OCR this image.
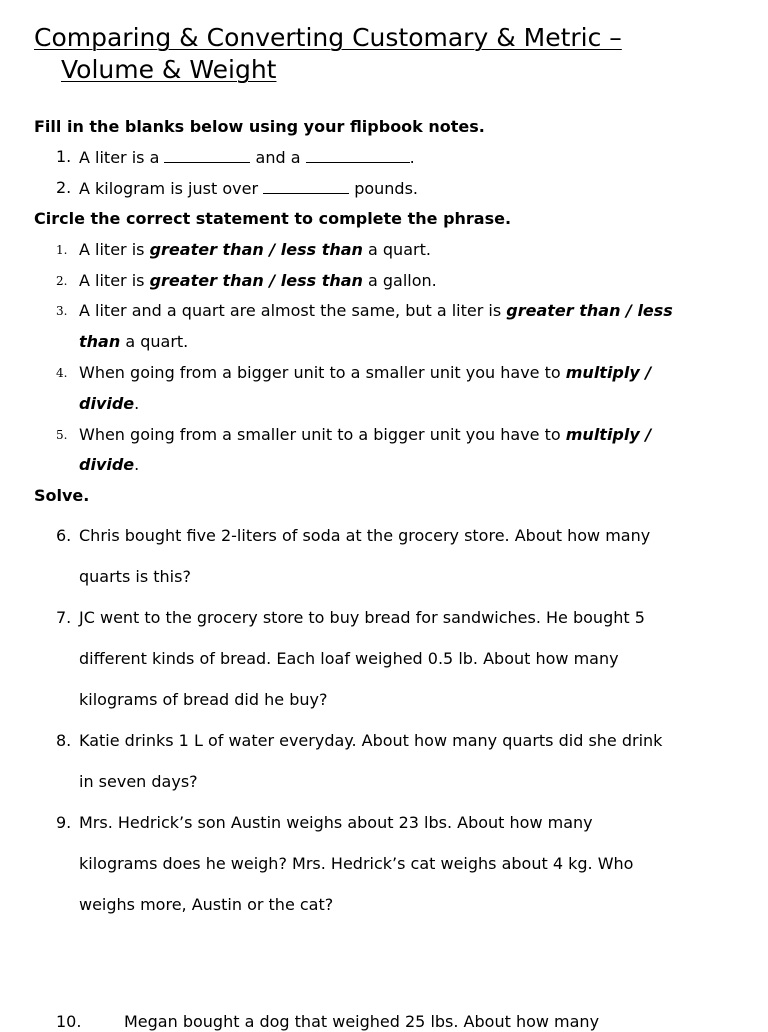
Comparing & Converting Customary & Metric –
Volume & Weight

Fill in the blanks below using your flipbook notes.

1. A liter is a	and a	.
2. A kilogram is just over	pounds.

Circle the correct statement to complete the phrase.

1. A liter is greater than / less than a quart.
2. A liter is greater than / less than a gallon.
3. A liter and a quart are almost the same, but a liter is greater than / less
than a quart.
4. When going from a bigger unit to a smaller unit you have to multiply /
divide.
5. When going from a smaller unit to a bigger unit you have to multiply /
divide.

Solve.

6. Chris bought five 2-liters of soda at the grocery store. About how many
quarts is this?
7. JC went to the grocery store to buy bread for sandwiches. He bought 5
different kinds of bread. Each loaf weighed 0.5 lb. About how many
kilograms of bread did he buy?
8. Katie drinks 1 L of water everyday. About how many quarts did she drink
in seven days?
9. Mrs. Hedrick’s son Austin weighs about 23 lbs. About how many
kilograms does he weigh? Mrs. Hedrick’s cat weighs about 4 kg. Who
weighs more, Austin or the cat?
10.	Megan bought a dog that weighed 25 lbs. About how many
